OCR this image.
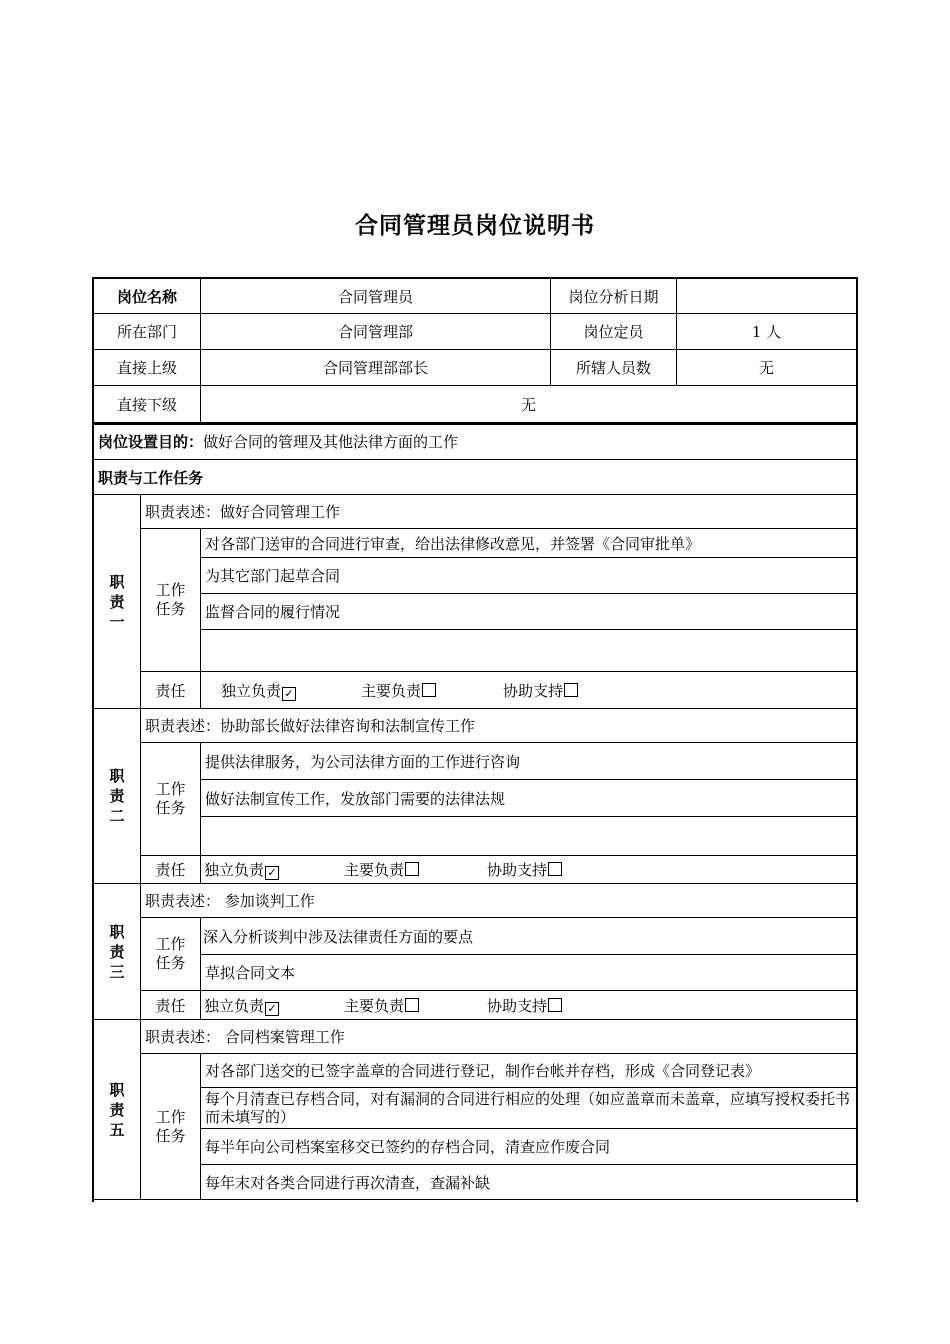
合同管理员岗位说明书
岗位名称	合同管理员	岗位分析日期
所在部门	合同管理部	岗位定员	1 人
直接上级	合同管理部部长	所辖人员数	无
直接下级	无
岗位设置目的： 做好合同的管理及其他法律方面的工作
职责与工作任务
职
责
一
职责表述：做好合同管理工作
工作
任务
对各部门送审的合同进行审查，给出法律修改意见，并签署《合同审批单》
为其它部门起草合同
监督合同的履行情况
责任	独立负责 ✓	主要负责	协助支持
职
责
二
职责表述：协助部长做好法律咨询和法制宣传工作
工作
任务
提供法律服务，为公司法律方面的工作进行咨询
做好法制宣传工作，发放部门需要的法律法规
责任	独立负责 ✓	主要负责	协助支持
职
责
三
职责表述： 参加谈判工作
工作
任务
深入分析谈判中涉及法律责任方面的要点
草拟合同文本
责任	独立负责 ✓	主要负责	协助支持
职
责
五
职责表述： 合同档案管理工作
工作
任务
对各部门送交的已签字盖章的合同进行登记，制作台帐并存档，形成《合同登记表》
每个月清查已存档合同，对有漏洞的合同进行相应的处理（如应盖章而未盖章，应填写授权委托书而未填写的）
每半年向公司档案室移交已签约的存档合同，清查应作废合同
每年末对各类合同进行再次清查，查漏补缺
